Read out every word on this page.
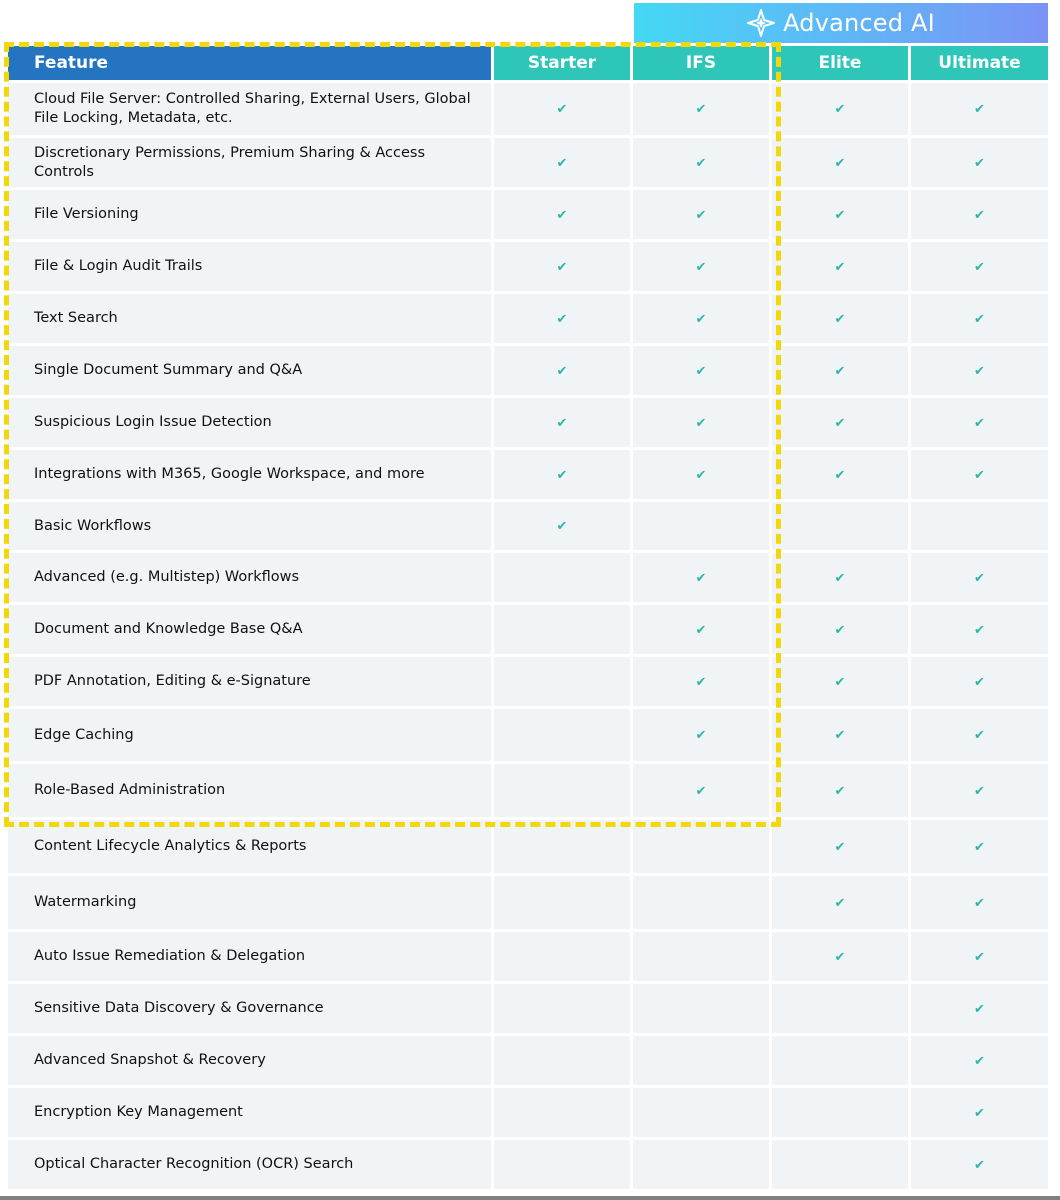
Advanced AI
Feature	Starter	IFS	Elite	Ultimate
Cloud File Server: Controlled Sharing, External Users, Global File Locking, Metadata, etc.	✔	✔	✔	✔
Discretionary Permissions, Premium Sharing & Access Controls	✔	✔	✔	✔
File Versioning	✔	✔	✔	✔
File & Login Audit Trails	✔	✔	✔	✔
Text Search	✔	✔	✔	✔
Single Document Summary and Q&A	✔	✔	✔	✔
Suspicious Login Issue Detection	✔	✔	✔	✔
Integrations with M365, Google Workspace, and more	✔	✔	✔	✔
Basic Workflows	✔			
Advanced (e.g. Multistep) Workflows		✔	✔	✔
Document and Knowledge Base Q&A		✔	✔	✔
PDF Annotation, Editing & e-Signature		✔	✔	✔
Edge Caching		✔	✔	✔
Role-Based Administration		✔	✔	✔
Content Lifecycle Analytics & Reports			✔	✔
Watermarking			✔	✔
Auto Issue Remediation & Delegation			✔	✔
Sensitive Data Discovery & Governance				✔
Advanced Snapshot & Recovery				✔
Encryption Key Management				✔
Optical Character Recognition (OCR) Search				✔
